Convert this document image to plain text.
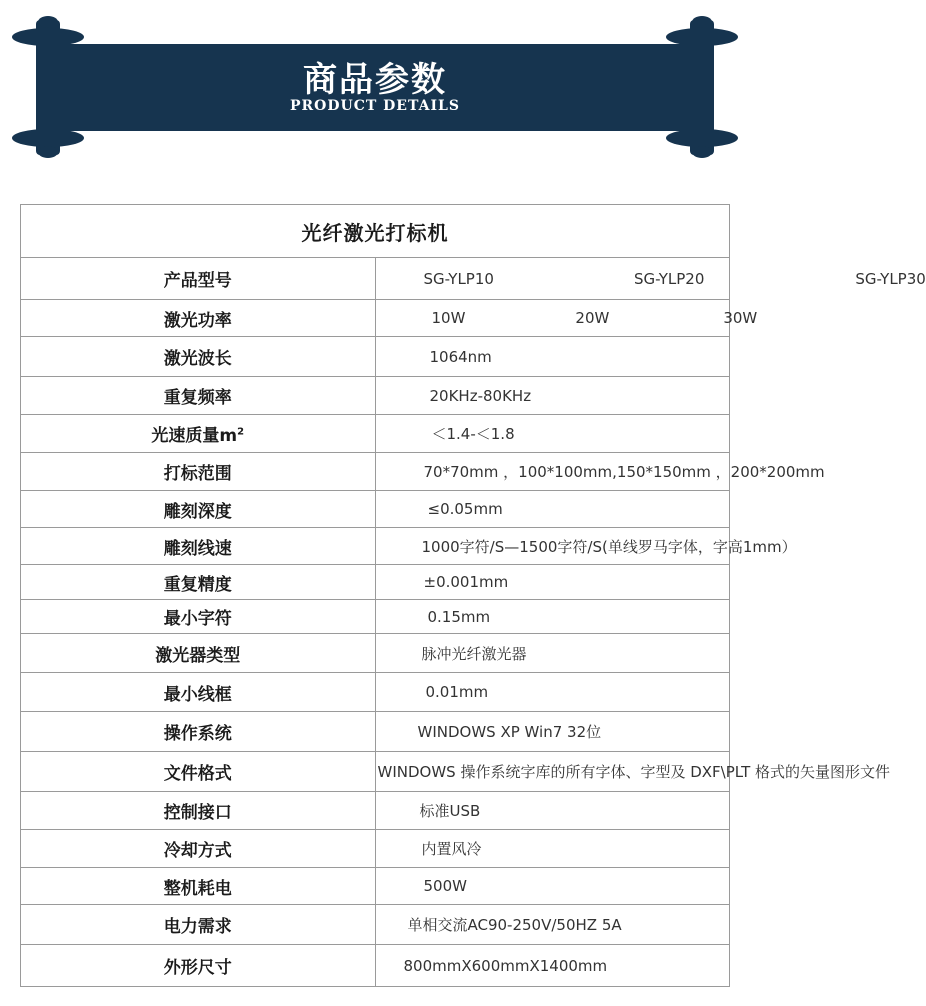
商品参数
PRODUCT DETAILS
光纤激光打标机	
产品型号	SG-YLP10 SG-YLP20 SG-YLP30

激光功率	10W 20W 30W

激光波长	1064nm

重复频率	20KHz-80KHz

光速质量$m^2$	＜1.4-＜1.8

打标范围	70*70mm ，100*100mm,150*150mm ，200*200mm

雕刻深度	≤0.05mm

雕刻线速	1000字符/S—1500字符/S(单线罗马字体，字高1mm）

重复精度	±0.001mm

最小字符	0.15mm

激光器类型	脉冲光纤激光器

最小线框	0.01mm

操作系统	WINDOWS XP Win7 32位

文件格式	WINDOWS 操作系统字库的所有字体、字型及 DXF\PLT 格式的矢量图形文件

控制接口	标准USB

冷却方式	内置风冷

整机耗电	500W

电力需求	单相交流AC90-250V/50HZ 5A

外形尺寸	800mmX600mmX1400mm
